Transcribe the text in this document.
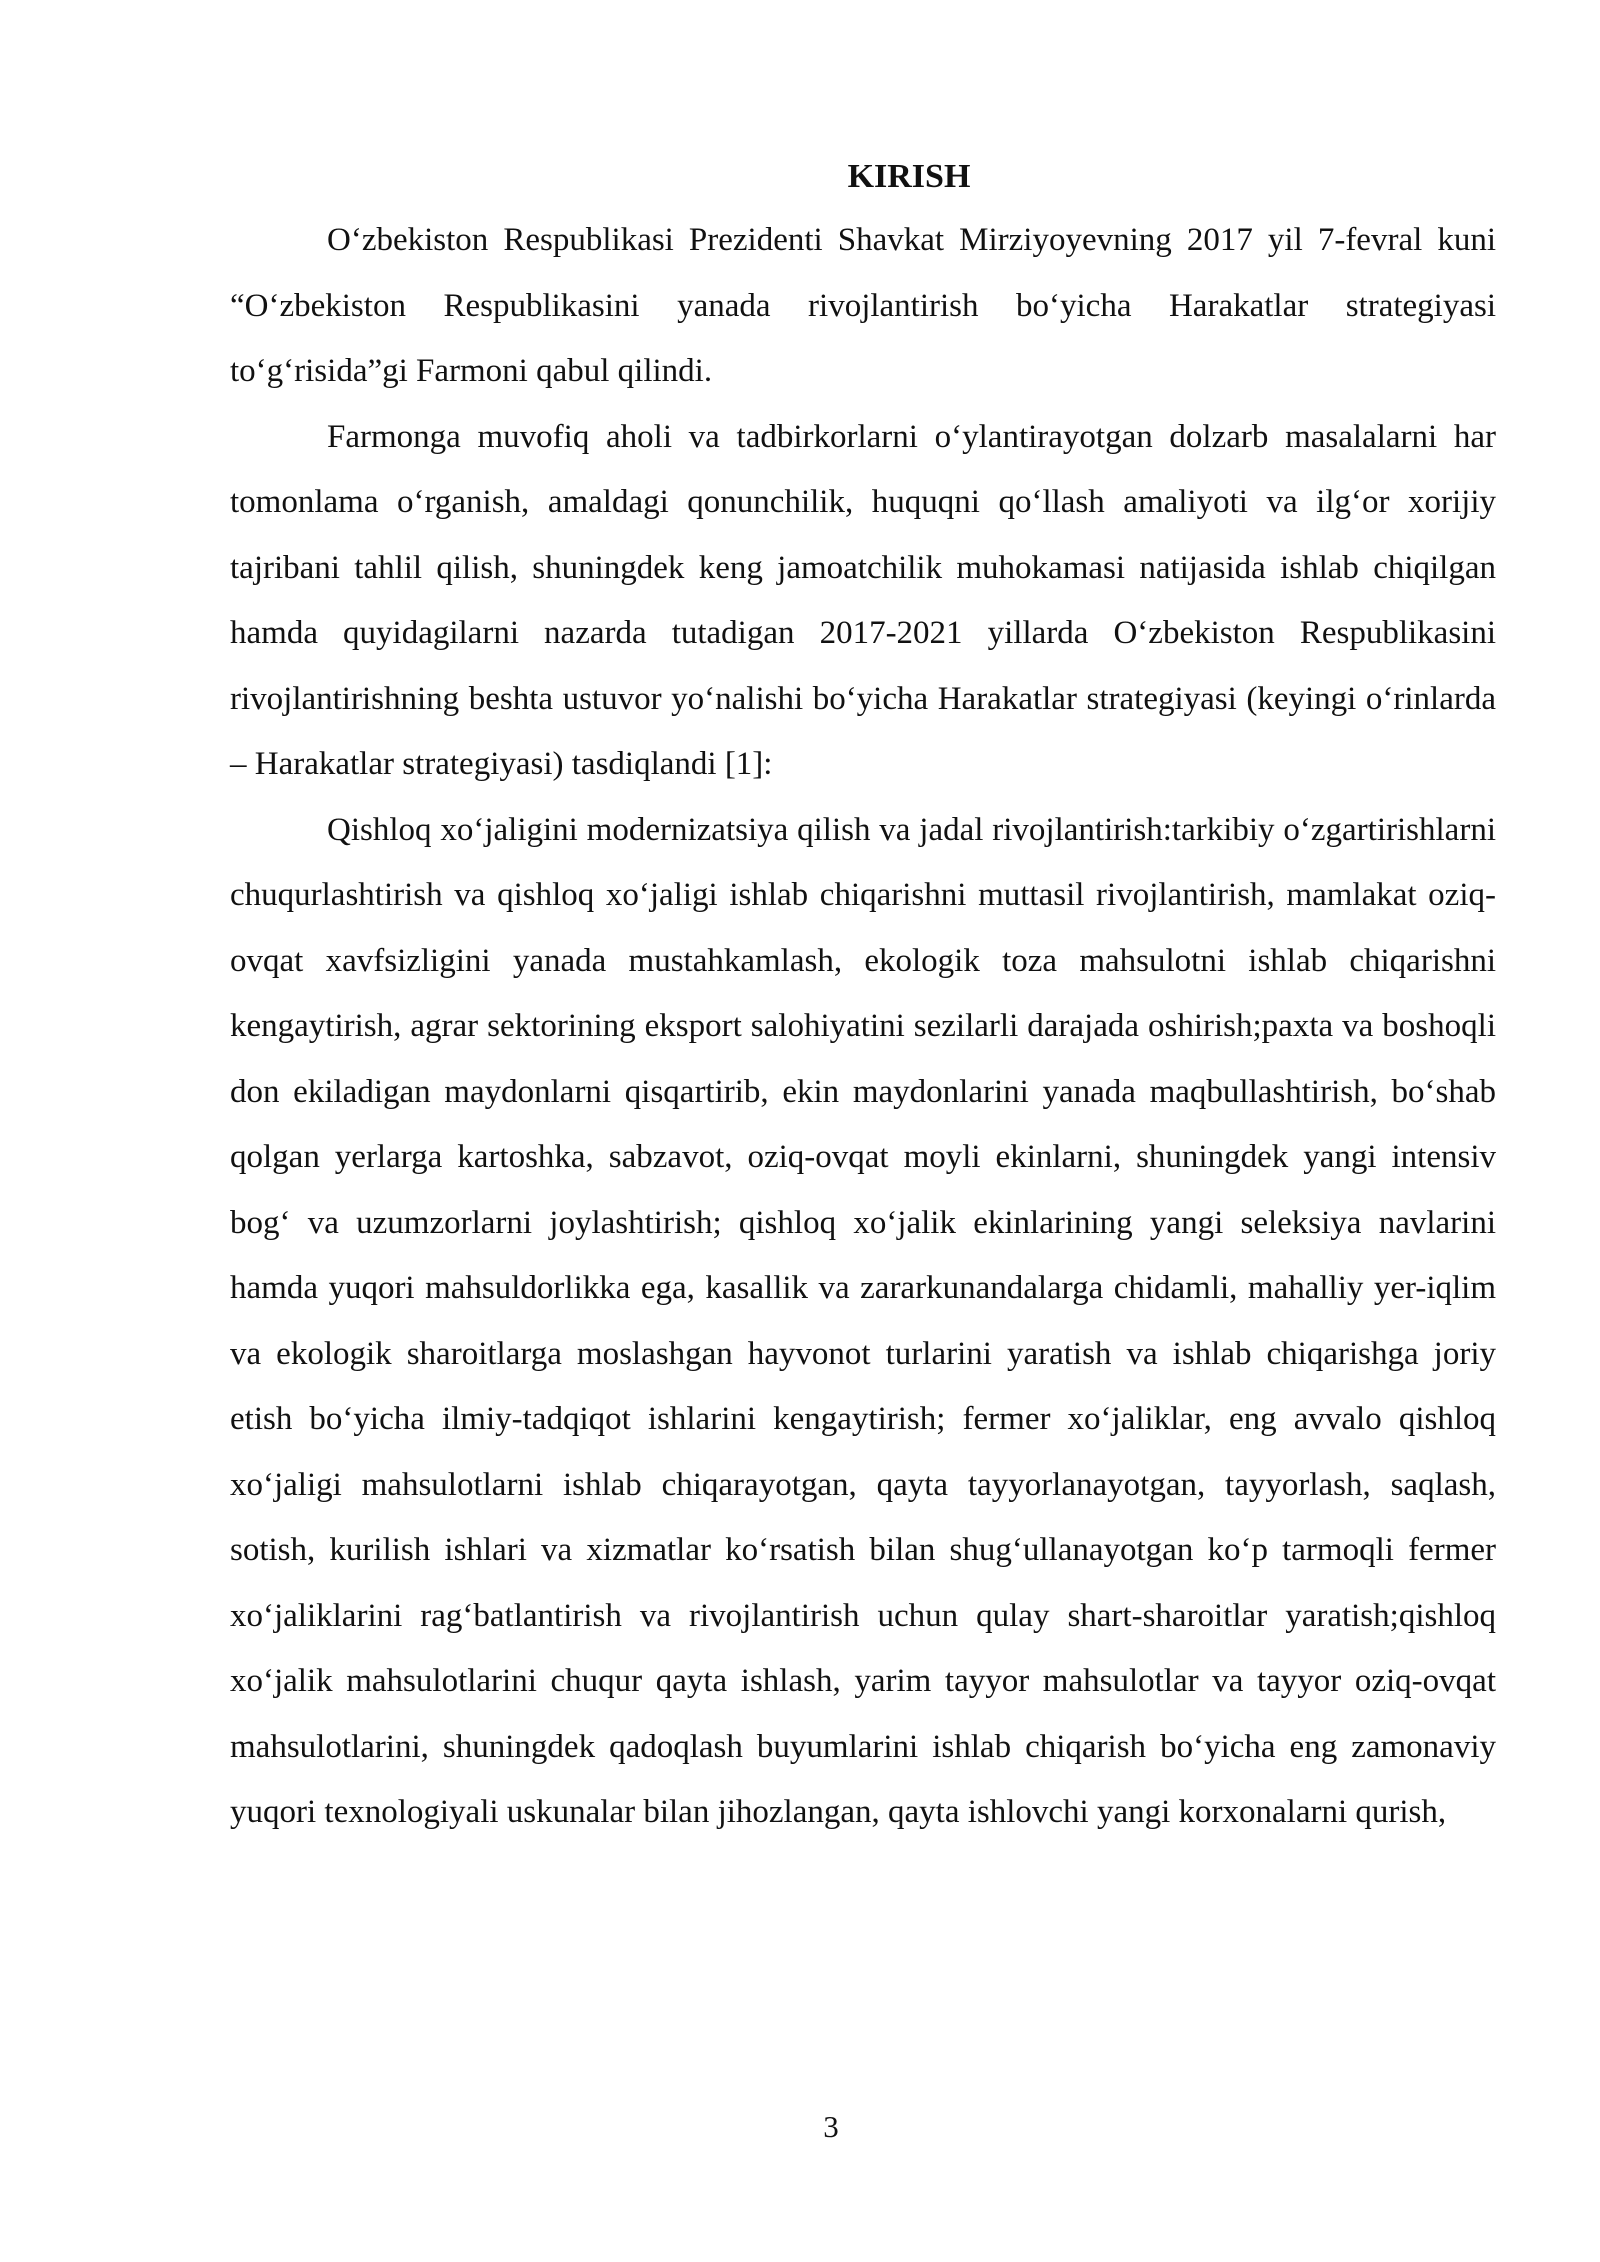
KIRISH

O‘zbekiston Respublikasi Prezidenti Shavkat Mirziyoyevning 2017 yil 7-fevral kuni “O‘zbekiston Respublikasini yanada rivojlantirish bo‘yicha Harakatlar strategiyasi to‘g‘risida”gi Farmoni qabul qilindi.

Farmonga muvofiq aholi va tadbirkorlarni o‘ylantirayotgan dolzarb masalalarni har tomonlama o‘rganish, amaldagi qonunchilik, huquqni qo‘llash amaliyoti va ilg‘or xorijiy tajribani tahlil qilish, shuningdek keng jamoatchilik muhokamasi natijasida ishlab chiqilgan hamda quyidagilarni nazarda tutadigan 2017-2021 yillarda O‘zbekiston Respublikasini rivojlantirishning beshta ustuvor yo‘nalishi bo‘yicha Harakatlar strategiyasi (keyingi o‘rinlarda – Harakatlar strategiyasi) tasdiqlandi [1]:

Qishloq xo‘jaligini modernizatsiya qilish va jadal rivojlantirish:tarkibiy o‘zgartirishlarni chuqurlashtirish va qishloq xo‘jaligi ishlab chiqarishni muttasil rivojlantirish, mamlakat oziq-ovqat xavfsizligini yanada mustahkamlash, ekologik toza mahsulotni ishlab chiqarishni kengaytirish, agrar sektorining eksport salohiyatini sezilarli darajada oshirish;paxta va boshoqli don ekiladigan maydonlarni qisqartirib, ekin maydonlarini yanada maqbullashtirish, bo‘shab qolgan yerlarga kartoshka, sabzavot, oziq-ovqat moyli ekinlarni, shuningdek yangi intensiv bog‘ va uzumzorlarni joylashtirish; qishloq xo‘jalik ekinlarining yangi seleksiya navlarini hamda yuqori mahsuldorlikka ega, kasallik va zararkunandalarga chidamli, mahalliy yer-iqlim va ekologik sharoitlarga moslashgan hayvonot turlarini yaratish va ishlab chiqarishga joriy etish bo‘yicha ilmiy-tadqiqot ishlarini kengaytirish; fermer xo‘jaliklar, eng avvalo qishloq xo‘jaligi mahsulotlarni ishlab chiqarayotgan, qayta tayyorlanayotgan, tayyorlash, saqlash, sotish, kurilish ishlari va xizmatlar ko‘rsatish bilan shug‘ullanayotgan ko‘p tarmoqli fermer xo‘jaliklarini rag‘batlantirish va rivojlantirish uchun qulay shart-sharoitlar yaratish;qishloq xo‘jalik mahsulotlarini chuqur qayta ishlash, yarim tayyor mahsulotlar va tayyor oziq-ovqat mahsulotlarini, shuningdek qadoqlash buyumlarini ishlab chiqarish bo‘yicha eng zamonaviy yuqori texnologiyali uskunalar bilan jihozlangan, qayta ishlovchi yangi korxonalarni qurish,

3
